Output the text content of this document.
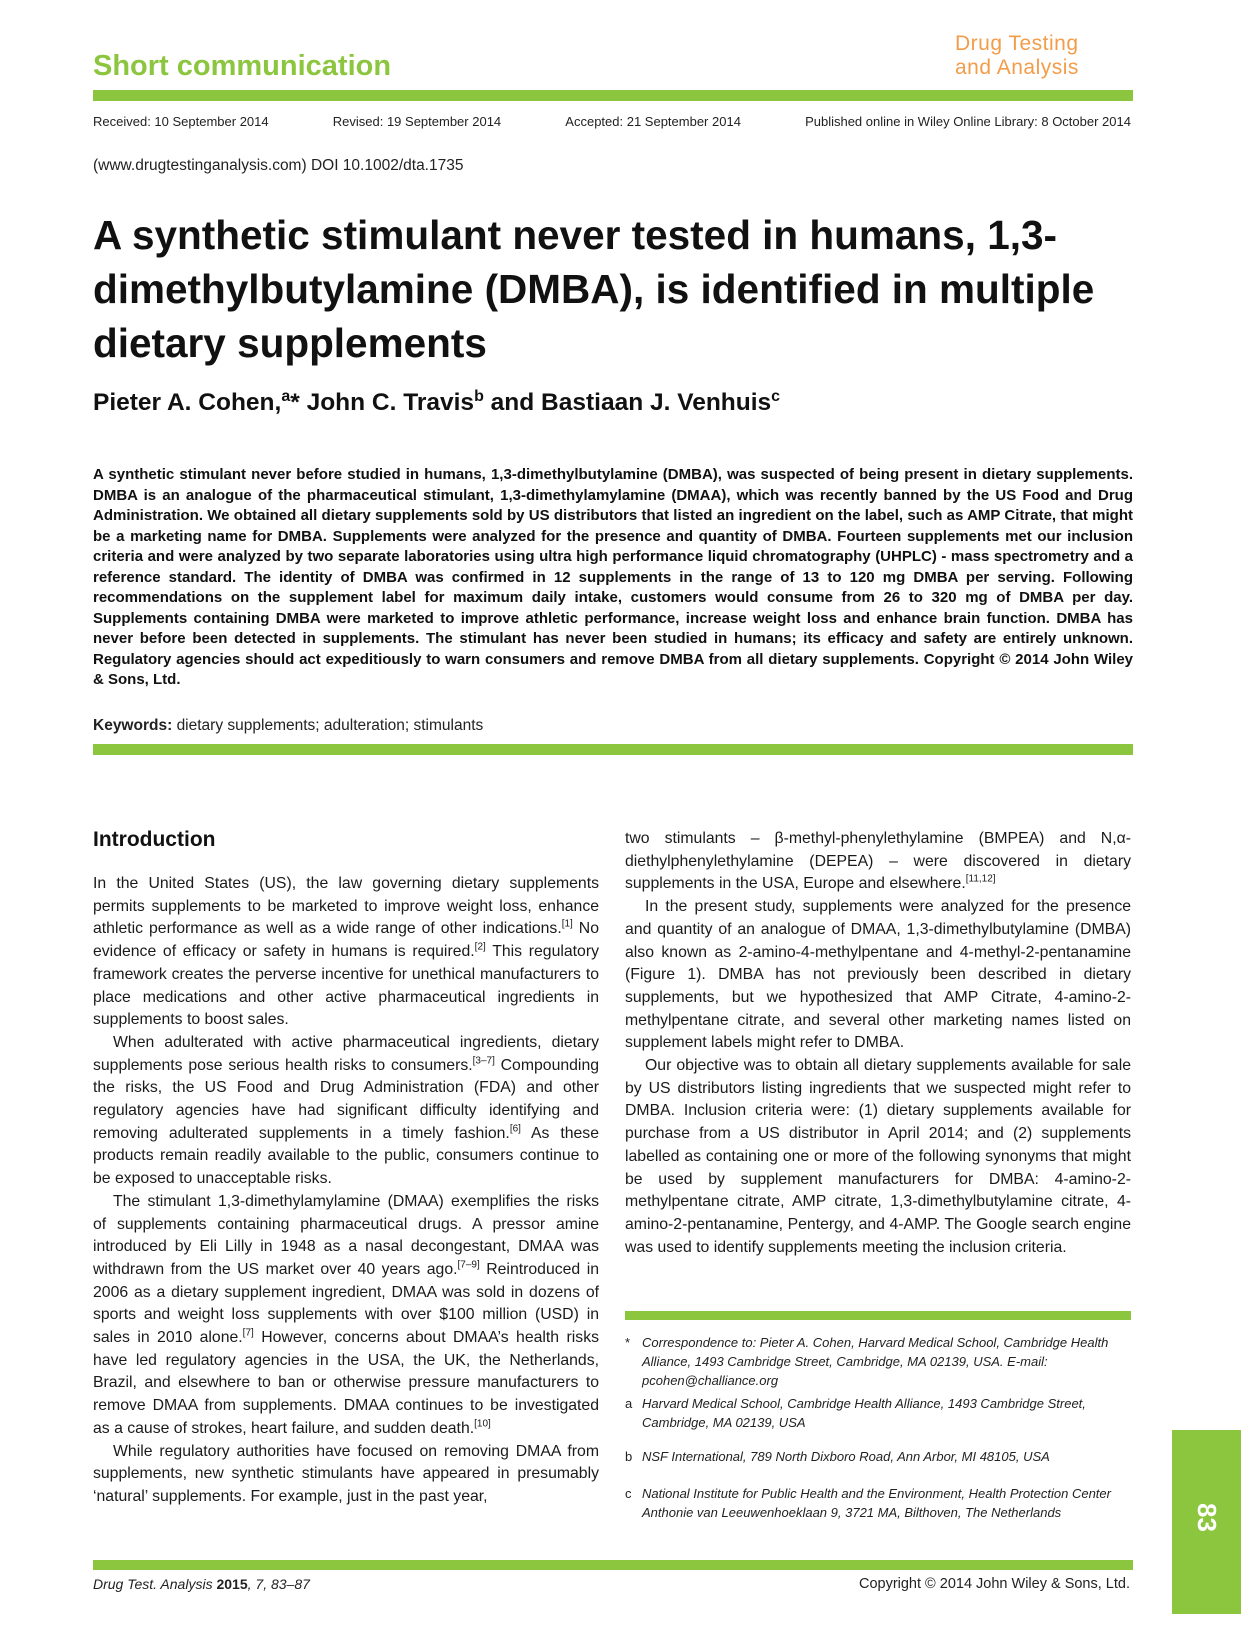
Short communication
Drug Testing
and Analysis
Received: 10 September 2014	Revised: 19 September 2014	Accepted: 21 September 2014	Published online in Wiley Online Library: 8 October 2014
(www.drugtestinganalysis.com) DOI 10.1002/dta.1735
A synthetic stimulant never tested in humans, 1,3-dimethylbutylamine (DMBA), is identified in multiple dietary supplements
Pieter A. Cohen,$^a$* John C. Travis$^b$ and Bastiaan J. Venhuis$^c$
A synthetic stimulant never before studied in humans, 1,3-dimethylbutylamine (DMBA), was suspected of being present in dietary supplements. DMBA is an analogue of the pharmaceutical stimulant, 1,3-dimethylamylamine (DMAA), which was recently banned by the US Food and Drug Administration. We obtained all dietary supplements sold by US distributors that listed an ingredient on the label, such as AMP Citrate, that might be a marketing name for DMBA. Supplements were analyzed for the presence and quantity of DMBA. Fourteen supplements met our inclusion criteria and were analyzed by two separate laboratories using ultra high performance liquid chromatography (UHPLC) - mass spectrometry and a reference standard. The identity of DMBA was confirmed in 12 supplements in the range of 13 to 120 mg DMBA per serving. Following recommendations on the supplement label for maximum daily intake, customers would consume from 26 to 320 mg of DMBA per day. Supplements containing DMBA were marketed to improve athletic performance, increase weight loss and enhance brain function. DMBA has never before been detected in supplements. The stimulant has never been studied in humans; its efficacy and safety are entirely unknown. Regulatory agencies should act expeditiously to warn consumers and remove DMBA from all dietary supplements. Copyright © 2014 John Wiley & Sons, Ltd.
Keywords: dietary supplements; adulteration; stimulants
Introduction

In the United States (US), the law governing dietary supplements permits supplements to be marketed to improve weight loss, enhance athletic performance as well as a wide range of other indications.[1] No evidence of efficacy or safety in humans is required.[2] This regulatory framework creates the perverse incentive for unethical manufacturers to place medications and other active pharmaceutical ingredients in supplements to boost sales.

When adulterated with active pharmaceutical ingredients, dietary supplements pose serious health risks to consumers.[3–7] Compounding the risks, the US Food and Drug Administration (FDA) and other regulatory agencies have had significant difficulty identifying and removing adulterated supplements in a timely fashion.[6] As these products remain readily available to the public, consumers continue to be exposed to unacceptable risks.

The stimulant 1,3-dimethylamylamine (DMAA) exemplifies the risks of supplements containing pharmaceutical drugs. A pressor amine introduced by Eli Lilly in 1948 as a nasal decongestant, DMAA was withdrawn from the US market over 40 years ago.[7–9] Reintroduced in 2006 as a dietary supplement ingredient, DMAA was sold in dozens of sports and weight loss supplements with over $100 million (USD) in sales in 2010 alone.[7] However, concerns about DMAA’s health risks have led regulatory agencies in the USA, the UK, the Netherlands, Brazil, and elsewhere to ban or otherwise pressure manufacturers to remove DMAA from supplements. DMAA continues to be investigated as a cause of strokes, heart failure, and sudden death.[10]

While regulatory authorities have focused on removing DMAA from supplements, new synthetic stimulants have appeared in presumably ‘natural’ supplements. For example, just in the past year,

two stimulants – β-methyl-phenylethylamine (BMPEA) and N,α-diethylphenylethylamine (DEPEA) – were discovered in dietary supplements in the USA, Europe and elsewhere.[11,12]

In the present study, supplements were analyzed for the presence and quantity of an analogue of DMAA, 1,3-dimethylbutylamine (DMBA) also known as 2-amino-4-methylpentane and 4-methyl-2-pentanamine (Figure 1). DMBA has not previously been described in dietary supplements, but we hypothesized that AMP Citrate, 4-amino-2-methylpentane citrate, and several other marketing names listed on supplement labels might refer to DMBA.

Our objective was to obtain all dietary supplements available for sale by US distributors listing ingredients that we suspected might refer to DMBA. Inclusion criteria were: (1) dietary supplements available for purchase from a US distributor in April 2014; and (2) supplements labelled as containing one or more of the following synonyms that might be used by supplement manufacturers for DMBA: 4-amino-2-methylpentane citrate, AMP citrate, 1,3-dimethylbutylamine citrate, 4-amino-2-pentanamine, Pentergy, and 4-AMP. The Google search engine was used to identify supplements meeting the inclusion criteria.

* Correspondence to: Pieter A. Cohen, Harvard Medical School, Cambridge Health Alliance, 1493 Cambridge Street, Cambridge, MA 02139, USA. E-mail: pcohen@challiance.org
a Harvard Medical School, Cambridge Health Alliance, 1493 Cambridge Street, Cambridge, MA 02139, USA
b NSF International, 789 North Dixboro Road, Ann Arbor, MI 48105, USA
c National Institute for Public Health and the Environment, Health Protection Center Anthonie van Leeuwenhoeklaan 9, 3721 MA, Bilthoven, The Netherlands
Drug Test. Analysis 2015, 7, 83–87	Copyright © 2014 John Wiley & Sons, Ltd.
83
